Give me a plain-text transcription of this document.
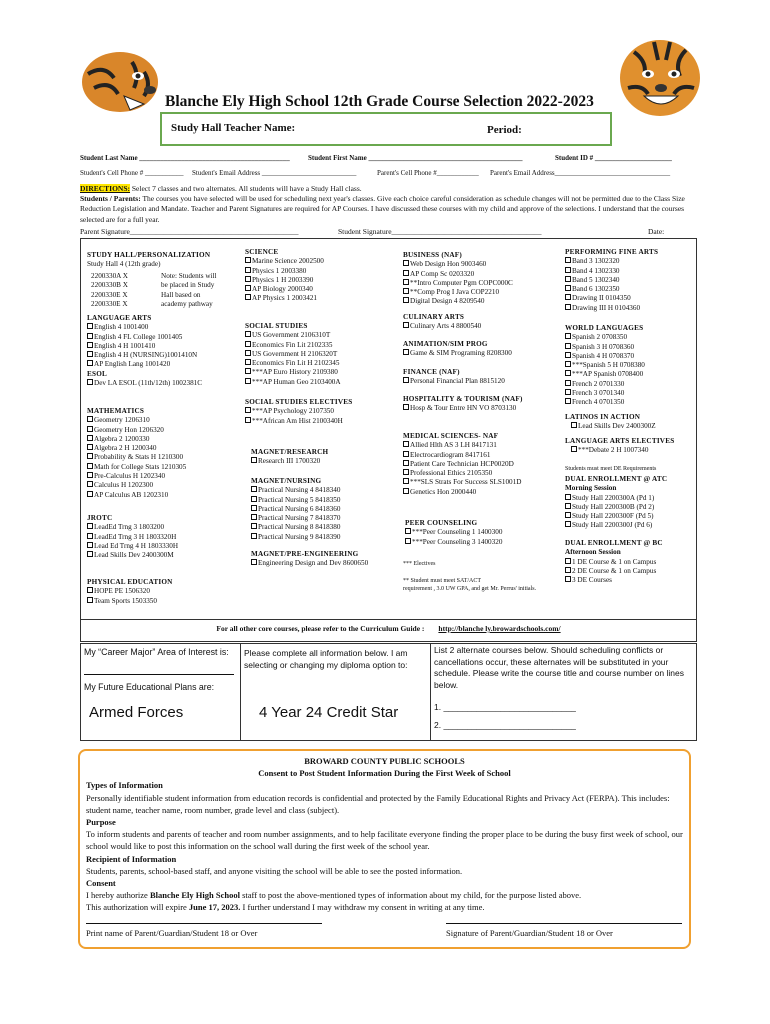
Blanche Ely High School 12th Grade Course Selection 2022-2023
Study Hall Teacher Name:	Period:
Student Last Name ___________________________________________	Student First Name ____________________________________________	Student ID # ______________________
Student's Cell Phone # ___________ Student's Email Address ___________________________	Parent's Cell Phone #____________ Parent's Email Address_________________________________
DIRECTIONS: Select 7 classes and two alternates. All students will have a Study Hall class.
Students / Parents: The courses you have selected will be used for scheduling next year's classes. Give each choice careful consideration as schedule changes will not be permitted due to the Class Size Reduction Legislation and Mandate. Teacher and Parent Signatures are required for AP Courses. I have discussed these courses with my child and approve of the selections. I understand that the courses selected are for a full year.
Parent Signature_____________________________________________	Student Signature________________________________________	Date:
STUDY HALL/PERSONALIZATION
Study Hall 4 (12th grade)
2200330A X
2200330B X
2200330E X
2200330E X
Note: Students will
be placed in Study
Hall based on
academy pathway
LANGUAGE ARTS
English 4 1001400
English 4 FL College 1001405
English 4 H 1001410
English 4 H (NURSING)1001410N
AP English Lang 1001420
ESOL
Dev LA ESOL (11th/12th) 1002381C
MATHEMATICS
Geometry 1206310
Geometry Hon 1206320
Algebra 2 1200330
Algebra 2 H 1200340
Probability & Stats H 1210300
Math for College Stats 1210305
Pre-Calculus H 1202340
Calculus H 1202300
AP Calculus AB 1202310
JROTC
LeadEd Trng 3 1803200
LeadEd Trng 3 H 1803320H
Lead Ed Trng 4 H 1803330H
Lead Skills Dev 2400300M
PHYSICAL EDUCATION
HOPE PE 1506320
Team Sports 1503350
SCIENCE
Marine Science 2002500
Physics 1 2003380
Physics 1 H 2003390
AP Biology 2000340
AP Physics 1 2003421
SOCIAL STUDIES
US Government 2106310T
Economics Fin Lit 2102335
US Government H 2106320T
Economics Fin Lit H 2102345
***AP Euro History 2109380
***AP Human Geo 2103400A
SOCIAL STUDIES ELECTIVES
***AP Psychology 2107350
***African Am Hist 2100340H
MAGNET/RESEARCH
Research III 1700320
MAGNET/NURSING
Practical Nursing 4 8418340
Practical Nursing 5 8418350
Practical Nursing 6 8418360
Practical Nursing 7 8418370
Practical Nursing 8 8418380
Practical Nursing 9 8418390
MAGNET/PRE-ENGINEERING
Engineering Design and Dev 8600650
BUSINESS (NAF)
Web Design Hon 9003460
AP Comp Sc 0203320
**Intro Computer Pgm COPC000C
**Comp Prog I Java COP2210
Digital Design 4 8209540
CULINARY ARTS
Culinary Arts 4 8800540
ANIMATION/SIM PROG
Game & SIM Programing 8208300
FINANCE (NAF)
Personal Financial Plan 8815120
HOSPITALITY & TOURISM (NAF)
Hosp & Tour Entre HN VO 8703130
MEDICAL SCIENCES- NAF
Allied Hlth AS 3 LH 8417131
Electrocardiogram 8417161
Patient Care Technician HCP0020D
Professional Ethics 2105350
***SLS Strats For Success SLS1001D
Genetics Hon 2000440
PEER COUNSELING
***Peer Counseling 1 1400300
***Peer Counseling 3 1400320
*** Electives
** Student must meet SAT/ACT
requirement , 3.0 UW GPA, and get Mr. Perrus' initials.
PERFORMING FINE ARTS
Band 3 1302320
Band 4 1302330
Band 5 1302340
Band 6 1302350
Drawing II 0104350
Drawing III H 0104360
WORLD LANGUAGES
Spanish 2 0708350
Spanish 3 H 0708360
Spanish 4 H 0708370
***Spanish 5 H 0708380
***AP Spanish 0708400
French 2 0701330
French 3 0701340
French 4 0701350
LATINOS IN ACTION
Lead Skills Dev 2400300Z
LANGUAGE ARTS ELECTIVES
***Debate 2 H 1007340
Students must meet DE Requirements
DUAL ENROLLMENT @ ATC
Morning Session
Study Hall 2200300A (Pd 1)
Study Hall 2200300B (Pd 2)
Study Hall 2200300F (Pd 5)
Study Hall 2200300J (Pd 6)
DUAL ENROLLMENT @ BC
Afternoon Session
1 DE Course & 1 on Campus
2 DE Course & 1 on Campus
3 DE Courses
For all other core courses, please refer to the Curriculum Guide : http://blanche ly.browardschools.com/
My “Career Major” Area of Interest is:
My Future Educational Plans are:
Armed Forces
Please complete all information below. I am selecting or changing my diploma option to:
4 Year 24 Credit Star
List 2 alternate courses below. Should scheduling conflicts or cancellations occur, these alternates will be substituted in your schedule. Please write the course title and course number on lines below.
1. ____________________________
2. ____________________________
BROWARD COUNTY PUBLIC SCHOOLS
Consent to Post Student Information During the First Week of School
Types of Information
Personally identifiable student information from education records is confidential and protected by the Family Educational Rights and Privacy Act (FERPA). This includes: student name, teacher name, room number, grade level and class (subject).
Purpose
To inform students and parents of teacher and room number assignments, and to help facilitate everyone finding the proper place to be during the busy first week of school, our school would like to post this information on the school wall during the first week of the school year.
Recipient of Information
Students, parents, school-based staff, and anyone visiting the school will be able to see the posted information.
Consent
I hereby authorize Blanche Ely High School staff to post the above-mentioned types of information about my child, for the purpose listed above.
This authorization will expire June 17, 2023. I further understand I may withdraw my consent in writing at any time.
Print name of Parent/Guardian/Student 18 or Over	Signature of Parent/Guardian/Student 18 or Over
